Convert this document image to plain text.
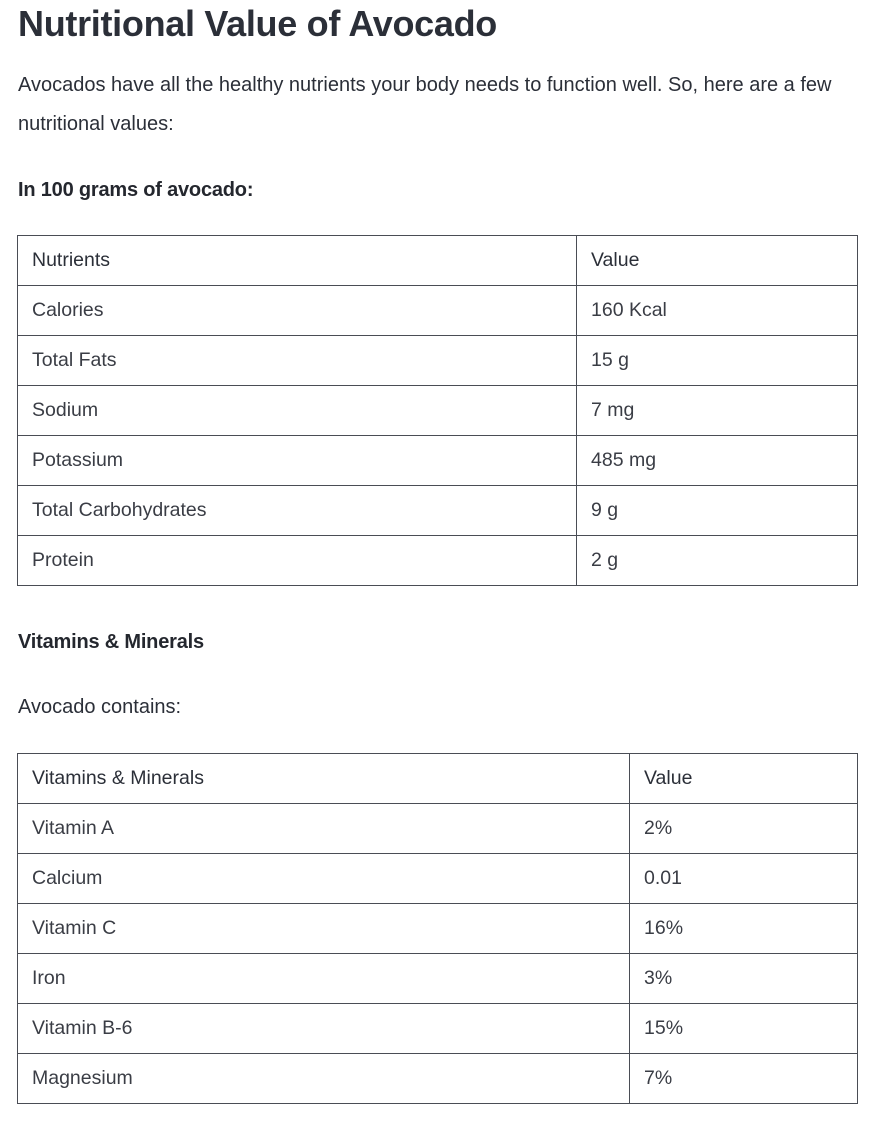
Nutritional Value of Avocado

Avocados have all the healthy nutrients your body needs to function well. So, here are a few nutritional values:

In 100 grams of avocado:
Nutrients	Value
Calories	160 Kcal
Total Fats	15 g
Sodium	7 mg
Potassium	485 mg
Total Carbohydrates	9 g
Protein	2 g
Vitamins & Minerals

Avocado contains:

Vitamins & Minerals	Value
Vitamin A	2%
Calcium	0.01
Vitamin C	16%
Iron	3%
Vitamin B-6	15%
Magnesium	7%
